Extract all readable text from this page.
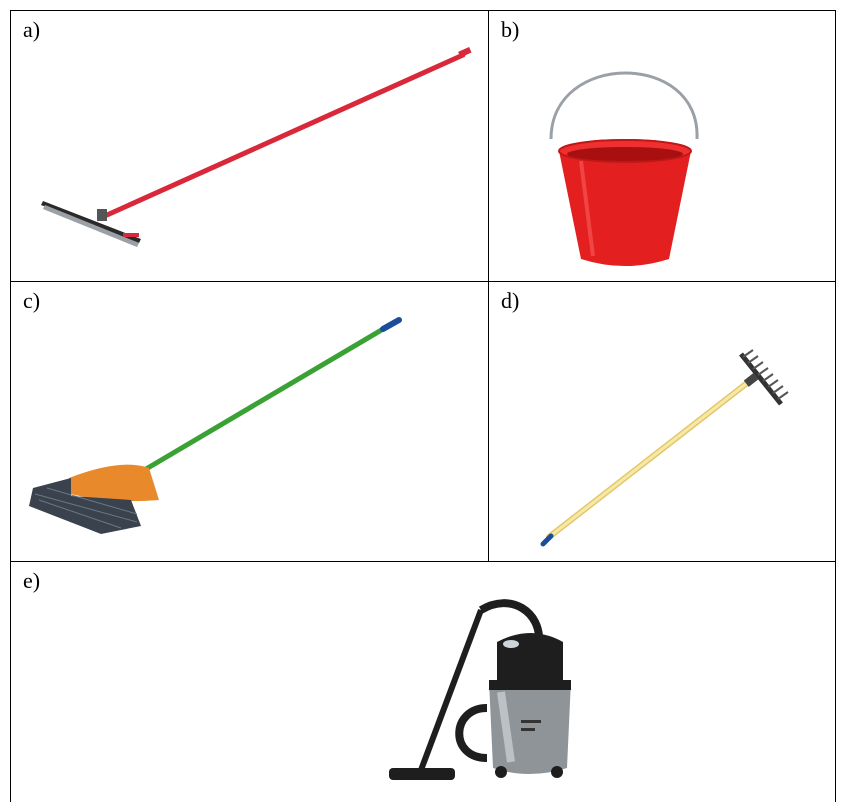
a)	b)
c)	d)
e)
